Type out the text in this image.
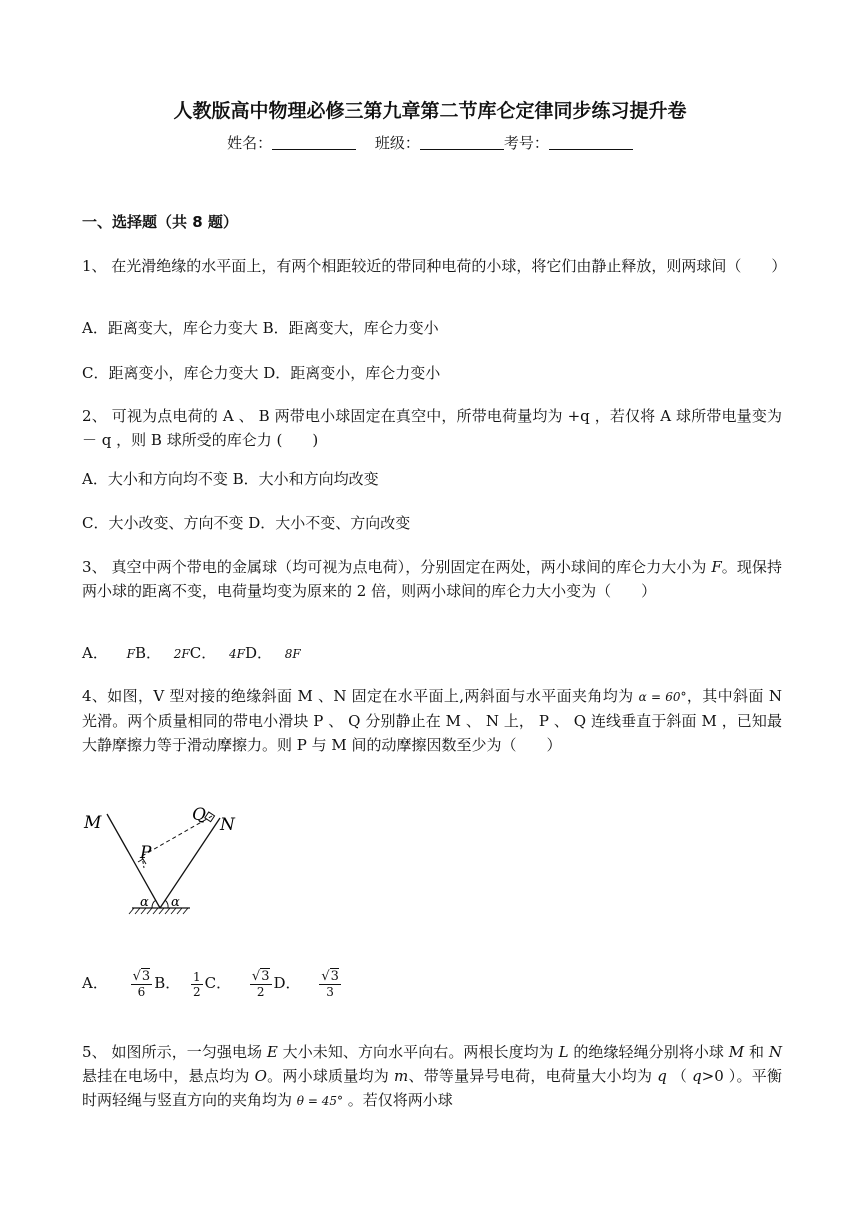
人教版高中物理必修三第九章第二节库仑定律同步练习提升卷
姓名：	班级：	考号：
一、选择题（共 8 题）
1、 在光滑绝缘的水平面上，有两个相距较近的带同种电荷的小球，将它们由静止释放，则两球间（　　）
A．距离变大，库仑力变大 B．距离变大，库仑力变小
C．距离变小，库仑力变大 D．距离变小，库仑力变小
2、 可视为点电荷的 A 、 B 两带电小球固定在真空中，所带电荷量均为 +q ，若仅将 A 球所带电量变为－ q ，则 B 球所受的库仑力 (　　)
A．大小和方向均不变 B．大小和方向均改变
C．大小改变、方向不变 D．大小不变、方向改变
3、 真空中两个带电的金属球（均可视为点电荷），分别固定在两处，两小球间的库仑力大小为 F。现保持两小球的距离不变，电荷量均变为原来的 2 倍，则两小球间的库仑力大小变为（　　）
A． FB． 2FC． 4FD． 8F
4、如图，V 型对接的绝缘斜面 M 、N 固定在水平面上,两斜面与水平面夹角均为 α = 60°，其中斜面 N 光滑。两个质量相同的带电小滑块 P 、 Q 分别静止在 M 、 N 上， P 、 Q 连线垂直于斜面 M ，已知最大静摩擦力等于滑动摩擦力。则 P 与 M 间的动摩擦因数至少为（　　）
M	N
Q
P
α α
A． $\frac{√3}{6}$ B． $\frac{1}{2}$ C． $\frac{√3}{2}$ D． $\frac{√3}{3}$
5、 如图所示，一匀强电场 E 大小未知、方向水平向右。两根长度均为 L 的绝缘轻绳分别将小球 M 和 N 悬挂在电场中，悬点均为 O。两小球质量均为 m、带等量异号电荷，电荷量大小均为 q （ q>0 ）。平衡时两轻绳与竖直方向的夹角均为 θ = 45° 。若仅将两小球
